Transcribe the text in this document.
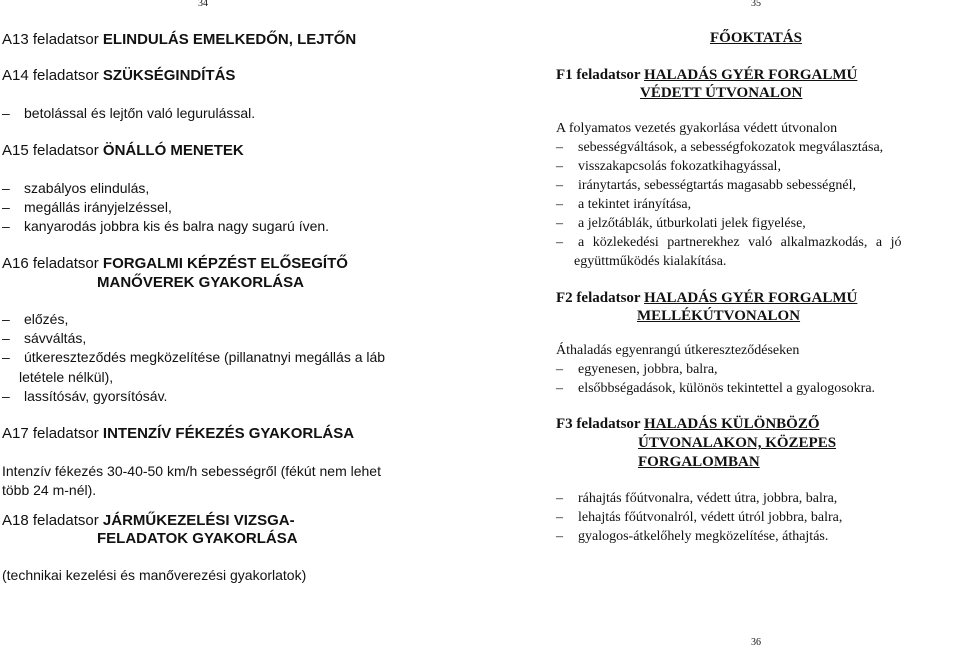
34	35
36
A13 feladatsor ELINDULÁS EMELKEDŐN, LEJTŐN
A14 feladatsor SZÜKSÉGINDÍTÁS
– betolással és lejtőn való legurulással.
A15 feladatsor ÖNÁLLÓ MENETEK
– szabályos elindulás,
– megállás irányjelzéssel,
– kanyarodás jobbra kis és balra nagy sugarú íven.
A16 feladatsor FORGALMI KÉPZÉST ELŐSEGÍTŐ
MANŐVEREK GYAKORLÁSA
– előzés,
– sávváltás,
– útkereszteződés megközelítése (pillanatnyi megállás a láb
letétele nélkül),
– lassítósáv, gyorsítósáv.
A17 feladatsor INTENZÍV FÉKEZÉS GYAKORLÁSA
Intenzív fékezés 30-40-50 km/h sebességről (fékút nem lehet
több 24 m-nél).
A18 feladatsor JÁRMŰKEZELÉSI VIZSGA-
FELADATOK GYAKORLÁSA
(technikai kezelési és manőverezési gyakorlatok)
FŐOKTATÁS
F1 feladatsor HALADÁS GYÉR FORGALMÚ
VÉDETT ÚTVONALON
A folyamatos vezetés gyakorlása védett útvonalon
– sebességváltások, a sebességfokozatok megválasztása,
– visszakapcsolás fokozatkihagyással,
– iránytartás, sebességtartás magasabb sebességnél,
– a tekintet irányítása,
– a jelzőtáblák, útburkolati jelek figyelése,
– a közlekedési partnerekhez való alkalmazkodás, a jó
együttműködés kialakítása.
F2 feladatsor HALADÁS GYÉR FORGALMÚ
MELLÉKÚTVONALON
Áthaladás egyenrangú útkereszteződéseken
– egyenesen, jobbra, balra,
– elsőbbségadások, különös tekintettel a gyalogosokra.
F3 feladatsor HALADÁS KÜLÖNBÖZŐ
ÚTVONALAKON, KÖZEPES
FORGALOMBAN
– ráhajtás főútvonalra, védett útra, jobbra, balra,
– lehajtás főútvonalról, védett útról jobbra, balra,
– gyalogos-átkelőhely megközelítése, áthajtás.
